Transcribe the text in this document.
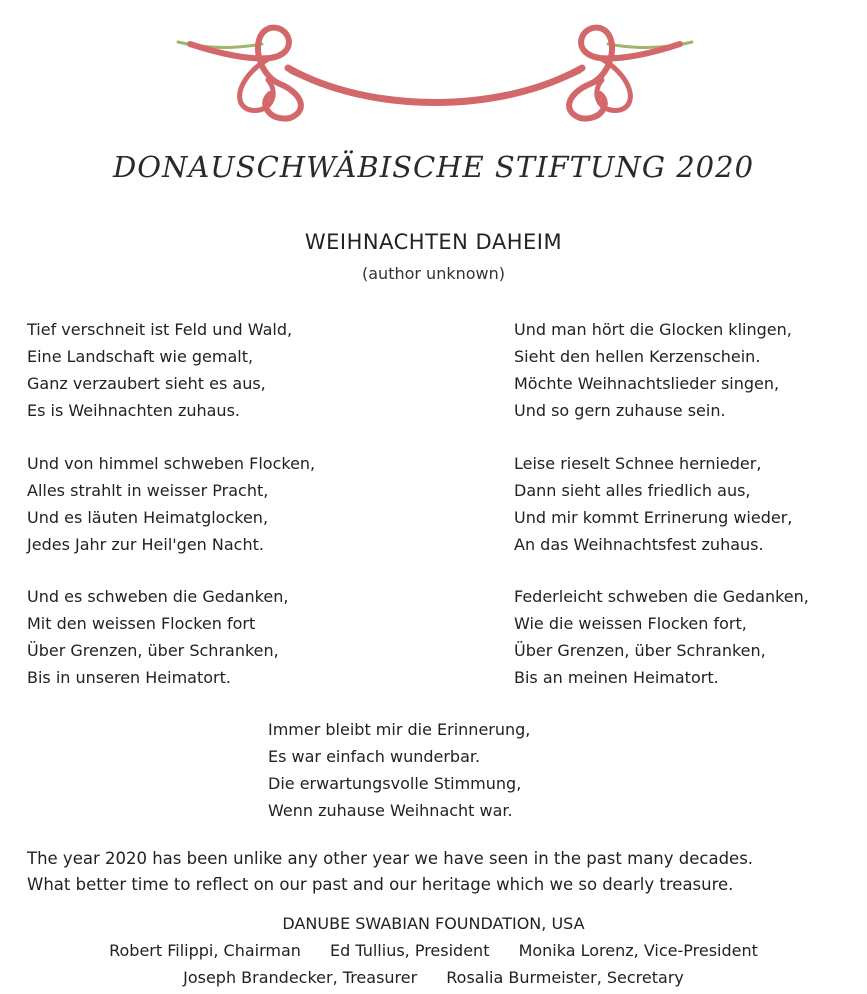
DONAUSCHWÄBISCHE STIFTUNG 2020
WEIHNACHTEN DAHEIM
(author unknown)
Tief verschneit ist Feld und Wald,
Eine Landschaft wie gemalt,
Ganz verzaubert sieht es aus,
Es is Weihnachten zuhaus.
Und von himmel schweben Flocken,
Alles strahlt in weisser Pracht,
Und es läuten Heimatglocken,
Jedes Jahr zur Heil'gen Nacht.
Und es schweben die Gedanken,
Mit den weissen Flocken fort
Über Grenzen, über Schranken,
Bis in unseren Heimatort.
Und man hört die Glocken klingen,
Sieht den hellen Kerzenschein.
Möchte Weihnachtslieder singen,
Und so gern zuhause sein.
Leise rieselt Schnee hernieder,
Dann sieht alles friedlich aus,
Und mir kommt Errinerung wieder,
An das Weihnachtsfest zuhaus.
Federleicht schweben die Gedanken,
Wie die weissen Flocken fort,
Über Grenzen, über Schranken,
Bis an meinen Heimatort.
Immer bleibt mir die Erinnerung,
Es war einfach wunderbar.
Die erwartungsvolle Stimmung,
Wenn zuhause Weihnacht war.
The year 2020 has been unlike any other year we have seen in the past many decades.
What better time to reflect on our past and our heritage which we so dearly treasure.
DANUBE SWABIAN FOUNDATION, USA
Robert Filippi, Chairman Ed Tullius, President Monika Lorenz, Vice-President
Joseph Brandecker, Treasurer Rosalia Burmeister, Secretary
